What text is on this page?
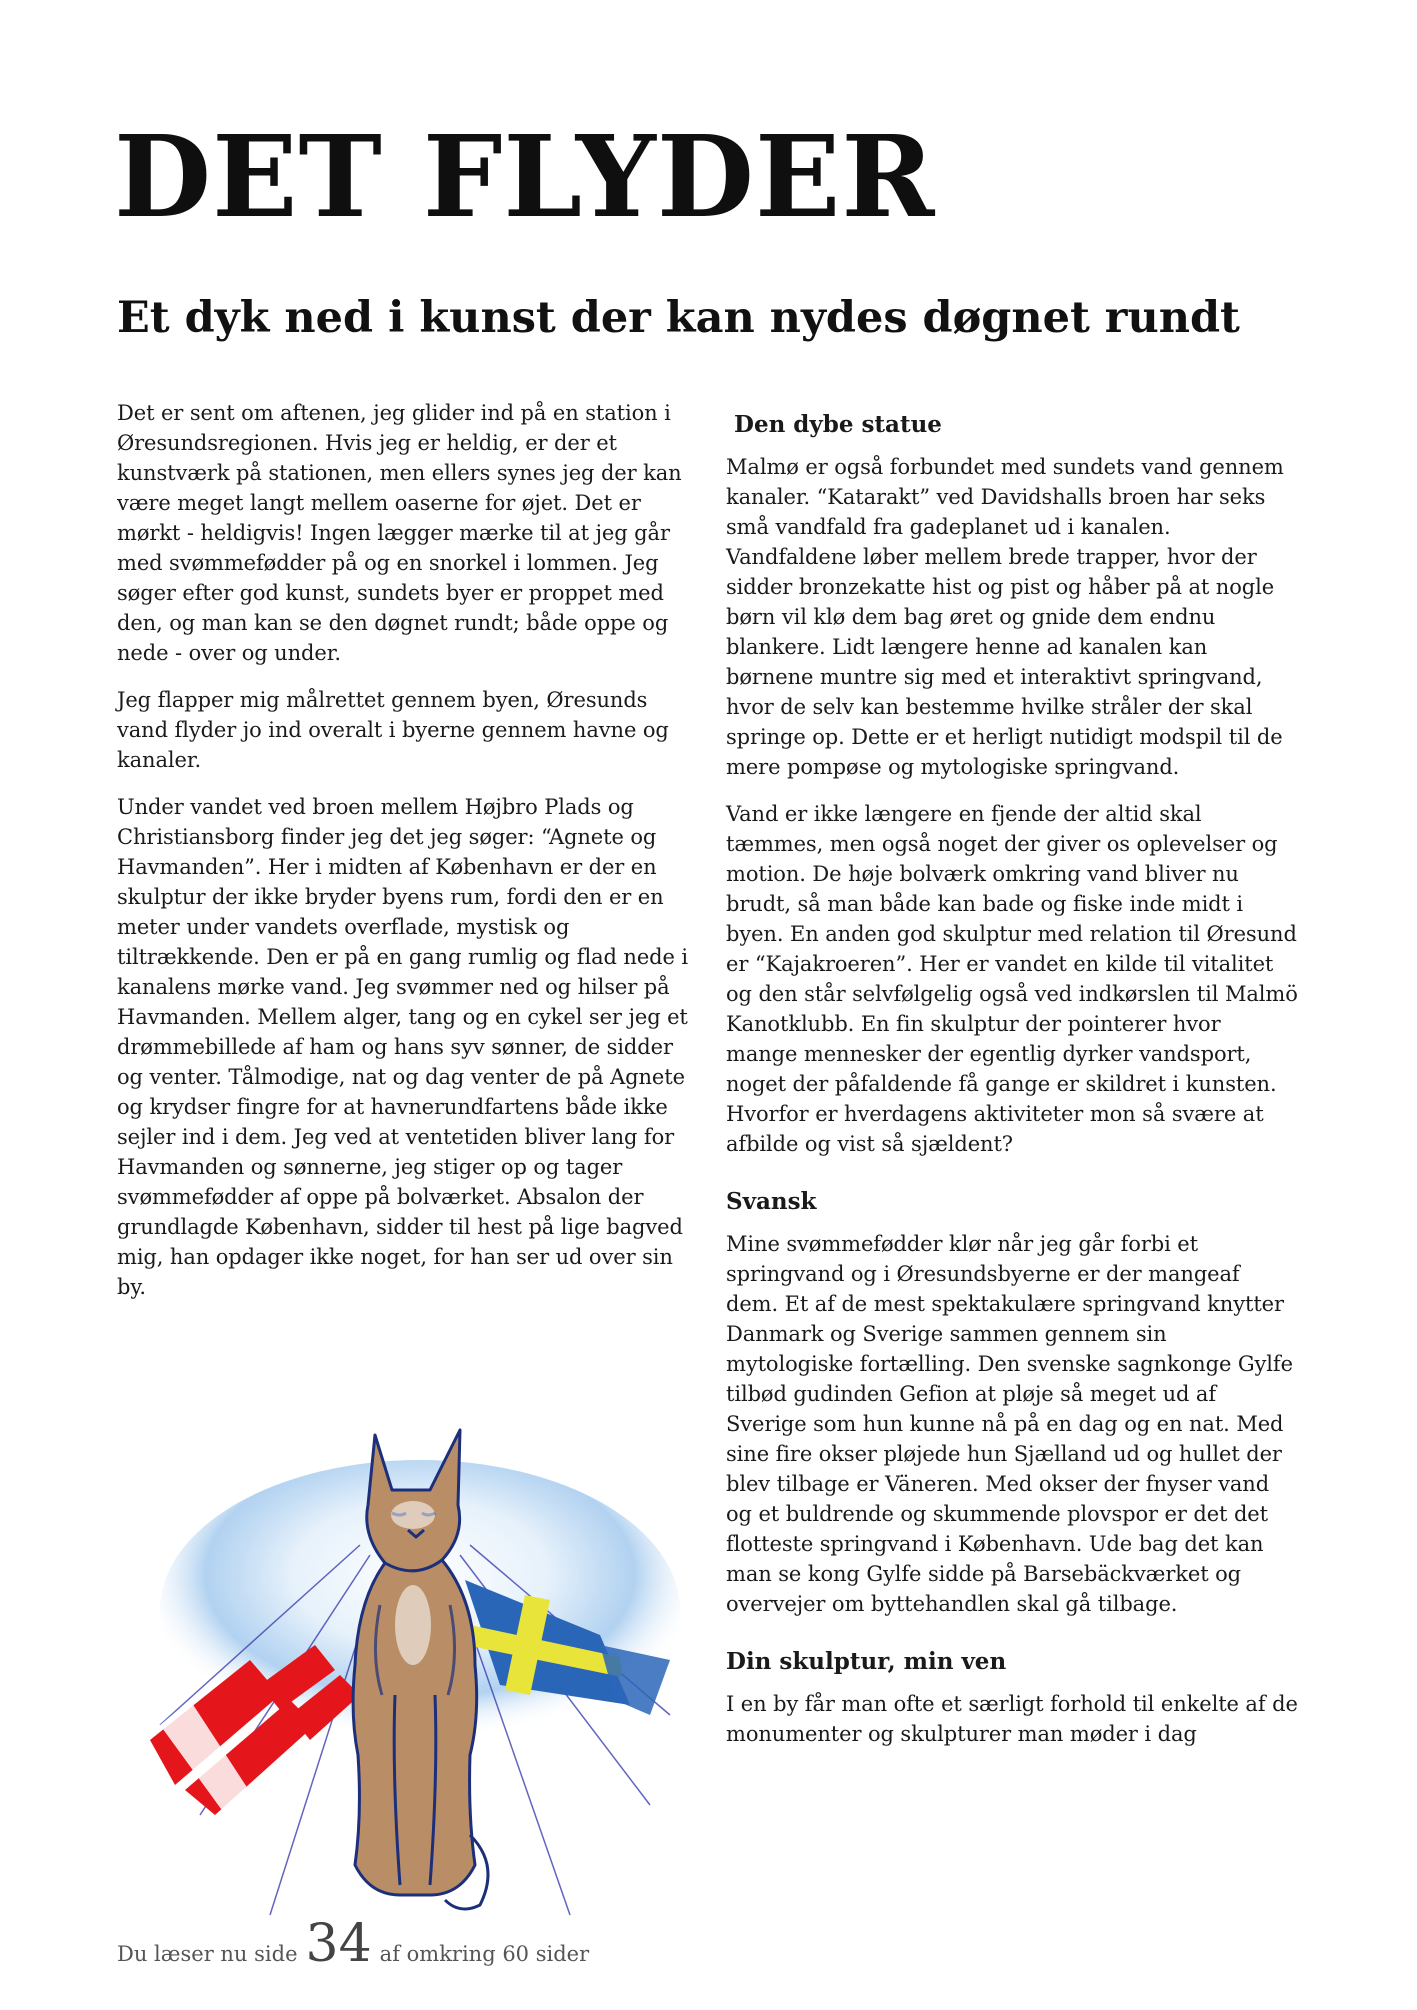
DET FLYDER
Et dyk ned i kunst der kan nydes døgnet rundt

Det er sent om aftenen, jeg glider ind på en station i Øresundsregionen. Hvis jeg er heldig, er der et kunstværk på stationen, men ellers synes jeg der kan være meget langt mellem oaserne for øjet. Det er mørkt - heldigvis! Ingen lægger mærke til at jeg går med svømmefødder på og en snorkel i lommen. Jeg søger efter god kunst, sundets byer er proppet med den, og man kan se den døgnet rundt; både oppe og nede - over og under.

Jeg flapper mig målrettet gennem byen, Øresunds vand flyder jo ind overalt i byerne gennem havne og kanaler.

Under vandet ved broen mellem Højbro Plads og Christiansborg finder jeg det jeg søger: “Agnete og Havmanden”. Her i midten af København er der en skulptur der ikke bryder byens rum, fordi den er en meter under vandets overflade, mystisk og tiltrækkende. Den er på en gang rumlig og flad nede i kanalens mørke vand. Jeg svømmer ned og hilser på Havmanden. Mellem alger, tang og en cykel ser jeg et drømmebillede af ham og hans syv sønner, de sidder og venter. Tålmodige, nat og dag venter de på Agnete og krydser fingre for at havnerundfartens både ikke sejler ind i dem. Jeg ved at ventetiden bliver lang for Havmanden og sønnerne, jeg stiger op og tager svømmefødder af oppe på bolværket. Absalon der grundlagde København, sidder til hest på lige bagved mig, han opdager ikke noget, for han ser ud over sin by.

Den dybe statue

Malmø er også forbundet med sundets vand gennem kanaler. “Katarakt” ved Davidshalls broen har seks små vandfald fra gadeplanet ud i kanalen. Vandfaldene løber mellem brede trapper, hvor der sidder bronzekatte hist og pist og håber på at nogle børn vil klø dem bag øret og gnide dem endnu blankere. Lidt længere henne ad kanalen kan børnene muntre sig med et interaktivt springvand, hvor de selv kan bestemme hvilke stråler der skal springe op. Dette er et herligt nutidigt modspil til de mere pompøse og mytologiske springvand.

Vand er ikke længere en fjende der altid skal tæmmes, men også noget der giver os oplevelser og motion. De høje bolværk omkring vand bliver nu brudt, så man både kan bade og fiske inde midt i byen. En anden god skulptur med relation til Øresund er “Kajakroeren”. Her er vandet en kilde til vitalitet og den står selvfølgelig også ved indkørslen til Malmö Kanotklubb. En fin skulptur der pointerer hvor mange mennesker der egentlig dyrker vandsport, noget der påfaldende få gange er skildret i kunsten. Hvorfor er hverdagens aktiviteter mon så svære at afbilde og vist så sjældent?

Svansk

Mine svømmefødder klør når jeg går forbi et springvand og i Øresundsbyerne er der mangeaf dem. Et af de mest spektakulære springvand knytter Danmark og Sverige sammen gennem sin mytologiske fortælling. Den svenske sagnkonge Gylfe tilbød gudinden Gefion at pløje så meget ud af Sverige som hun kunne nå på en dag og en nat. Med sine fire okser pløjede hun Sjælland ud og hullet der blev tilbage er Väneren. Med okser der fnyser vand og et buldrende og skummende plovspor er det det flotteste springvand i København. Ude bag det kan man se kong Gylfe sidde på Barsebäckværket og overvejer om byttehandlen skal gå tilbage.

Din skulptur, min ven

I en by får man ofte et særligt forhold til enkelte af de monumenter og skulpturer man møder i dag

Du læser nu side 34 af omkring 60 sider
